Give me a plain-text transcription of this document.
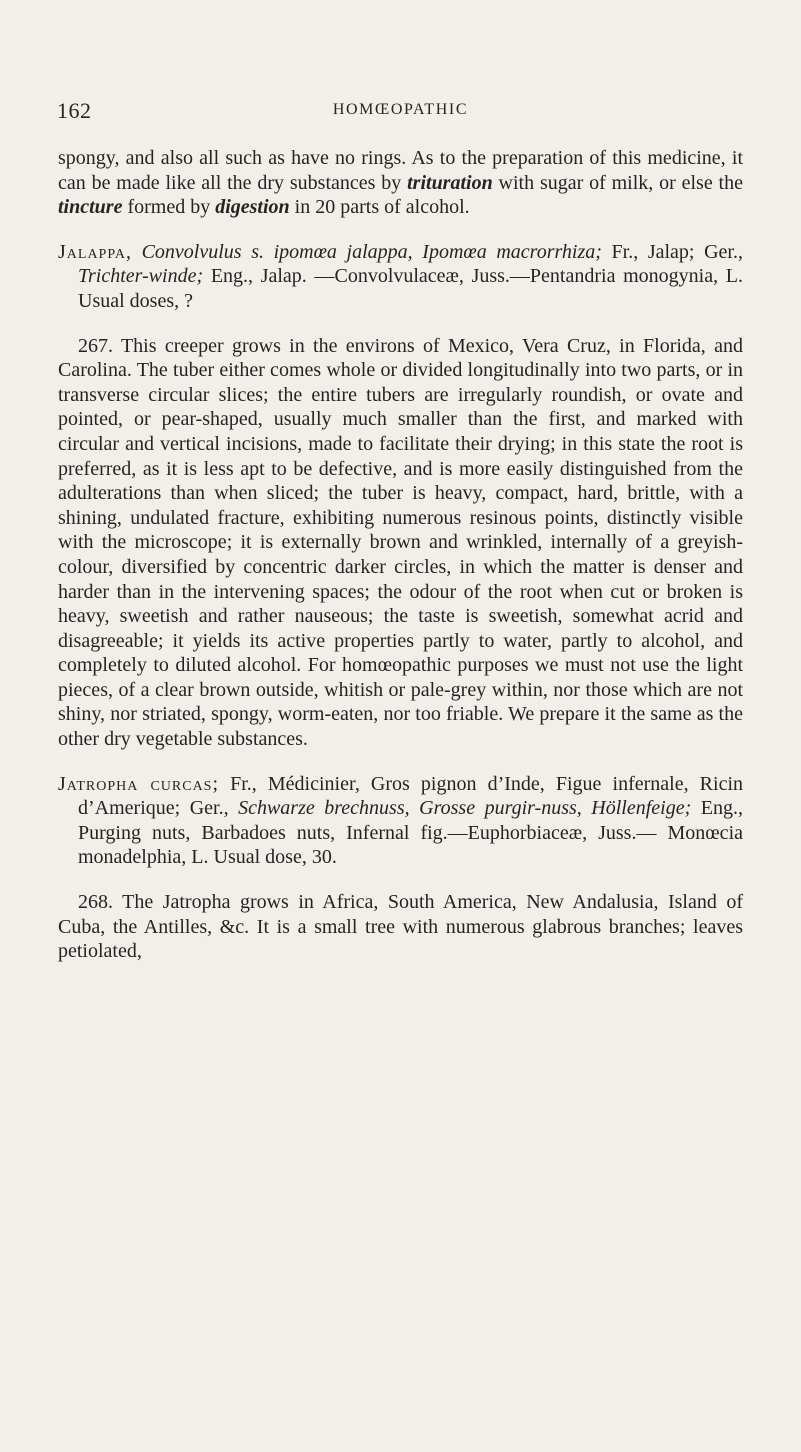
162	HOMŒOPATHIC

spongy, and also all such as have no rings. As to the preparation of this medicine, it can be made like all the dry substances by trituration with sugar of milk, or else the tincture formed by digestion in 20 parts of alcohol.

Jalappa, Convolvulus s. ipomœa jalappa, Ipomœa macrorrhiza; Fr., Jalap; Ger., Trichter-winde; Eng., Jalap. —Convolvulaceæ, Juss.—Pentandria monogynia, L. Usual doses, ?

267. This creeper grows in the environs of Mexico, Vera Cruz, in Florida, and Carolina. The tuber either comes whole or divided longitudinally into two parts, or in transverse circular slices; the entire tubers are irregularly roundish, or ovate and pointed, or pear-shaped, usually much smaller than the first, and marked with circular and vertical incisions, made to facilitate their drying; in this state the root is preferred, as it is less apt to be defective, and is more easily distinguished from the adulterations than when sliced; the tuber is heavy, compact, hard, brittle, with a shining, undulated fracture, exhibiting numerous resinous points, distinctly visible with the microscope; it is externally brown and wrinkled, internally of a greyish-colour, diversified by concentric darker circles, in which the matter is denser and harder than in the intervening spaces; the odour of the root when cut or broken is heavy, sweetish and rather nauseous; the taste is sweetish, somewhat acrid and disagreeable; it yields its active properties partly to water, partly to alcohol, and completely to diluted alcohol. For homœopathic purposes we must not use the light pieces, of a clear brown outside, whitish or pale-grey within, nor those which are not shiny, nor striated, spongy, worm-eaten, nor too friable. We prepare it the same as the other dry vegetable substances.

Jatropha curcas; Fr., Médicinier, Gros pignon d’Inde, Figue infernale, Ricin d’Amerique; Ger., Schwarze brechnuss, Grosse purgir-nuss, Höllenfeige; Eng., Purging nuts, Barbadoes nuts, Infernal fig.—Euphorbiaceæ, Juss.— Monœcia monadelphia, L. Usual dose, 30.

268. The Jatropha grows in Africa, South America, New Andalusia, Island of Cuba, the Antilles, &c. It is a small tree with numerous glabrous branches; leaves petiolated,
